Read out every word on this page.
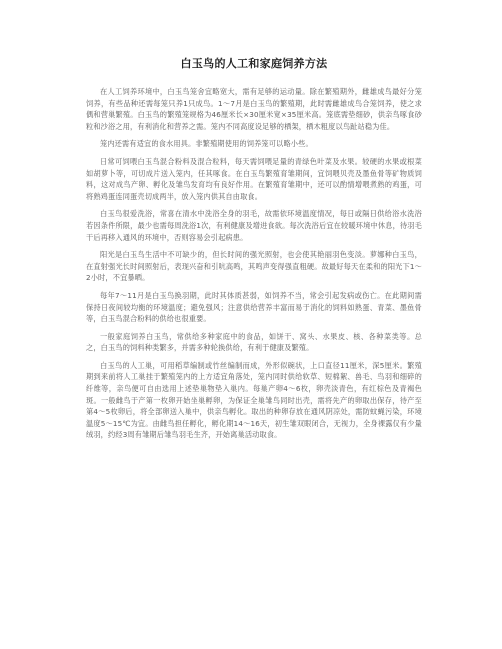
白玉鸟的人工和家庭饲养方法

在人工饲养环境中，白玉鸟笼舍宜略宽大，需有足够的运动量。除在繁殖期外，雌雄成鸟最好分笼饲养，有些品种还需每笼只养1只成鸟。1～7月是白玉鸟的繁殖期，此时需雌雄成鸟合笼饲养，使之求偶和营巢繁殖。白玉鸟的繁殖笼规格为46厘米长×30厘米宽×35厘米高。笼底需垫细砂，供亲鸟啄食砂粒和沙浴之用，有利消化和营养之需。笼内不同高度设足够的栖架，栖木粗度以鸟趾站稳为佳。

笼内还需有适宜的食水用具。非繁殖期使用的饲养笼可以略小些。

日常可饲喂白玉鸟混合粉料及混合粒料，每天需饲喂足量的青绿色叶菜及水果。较硬的水果或根菜如胡萝卜等，可切成片送入笼内，任其啄食。在白玉鸟繁殖育雏期间，宜饲喂贝壳及墨鱼骨等矿物质饲料，这对成鸟产卵、孵化及雏鸟发育均有良好作用。在繁殖育雏期中，还可以酌情增喂煮熟的鸡蛋，可将熟鸡蛋连同蛋壳切成两半，放入笼内供其自由取食。

白玉鸟很爱洗浴，常喜在清水中洗浴全身的羽毛，故需依环境温度情况，每日或隔日供给浴水洗浴若因条件所限，最少也需每周洗浴1次，有利健康及增进食欲。每次洗浴后宜在较暖环境中休息，待羽毛干后再移入通风的环境中，否则容易会引起病患。

阳光是白玉鸟生活中不可缺少的，但长时间的强光照射，也会使其艳丽羽色变淡。萝娜种白玉鸟，在直射强光长时间照射后，表现兴奋和引吭高鸣，其鸣声变得强直粗硬。故最好每天在柔和的阳光下1～2小时，不宜暴晒。

每年7～11月是白玉鸟换羽期，此时其体质甚弱，如饲养不当，常会引起发病或伤亡。在此期间需保持日夜间较均衡的环境温度；避免强风；注意供给营养丰富而易于消化的饲料如熟蛋、青菜、墨鱼骨等，白玉鸟混合粉料的供给也很重要。

一般家庭饲养白玉鸟，常供给多种家庭中的食品，如饼干、窝头、水果皮、核、各种菜类等。总之，白玉鸟的饲料种类繁多，并需多种轮换供给，有利于健康及繁殖。

白玉鸟的人工巢，可用稻草编制或竹丝编制而成，外形似碗状，上口直径11厘米，深5厘米。繁殖期到来前将人工巢挂于繁殖笼内的上方适宜角落处，笼内同时供给软草、短棉絮、兽毛、鸟羽和细碎的纤维等，亲鸟便可自由选用上述垫巢物垫入巢内。每巢产卵4～6枚，卵壳淡青色，有红棕色及青褐色斑。一般雌鸟于产第一枚卵开始坐巢孵卵，为保证全巢雏鸟同时出壳，需将先产的卵取出保存，待产至第4～5枚卵后，将全部卵送入巢中，供亲鸟孵化。取出的种卵存放在通风阴凉处，需防蚊蝇污染，环境温度5～15℃为宜。由雌鸟担任孵化，孵化期14～16天，初生雏双眼闭合，无视力，全身裸露仅有少量绒羽，约经3周有雏期后雏鸟羽毛生齐，开始离巢活动取食。
